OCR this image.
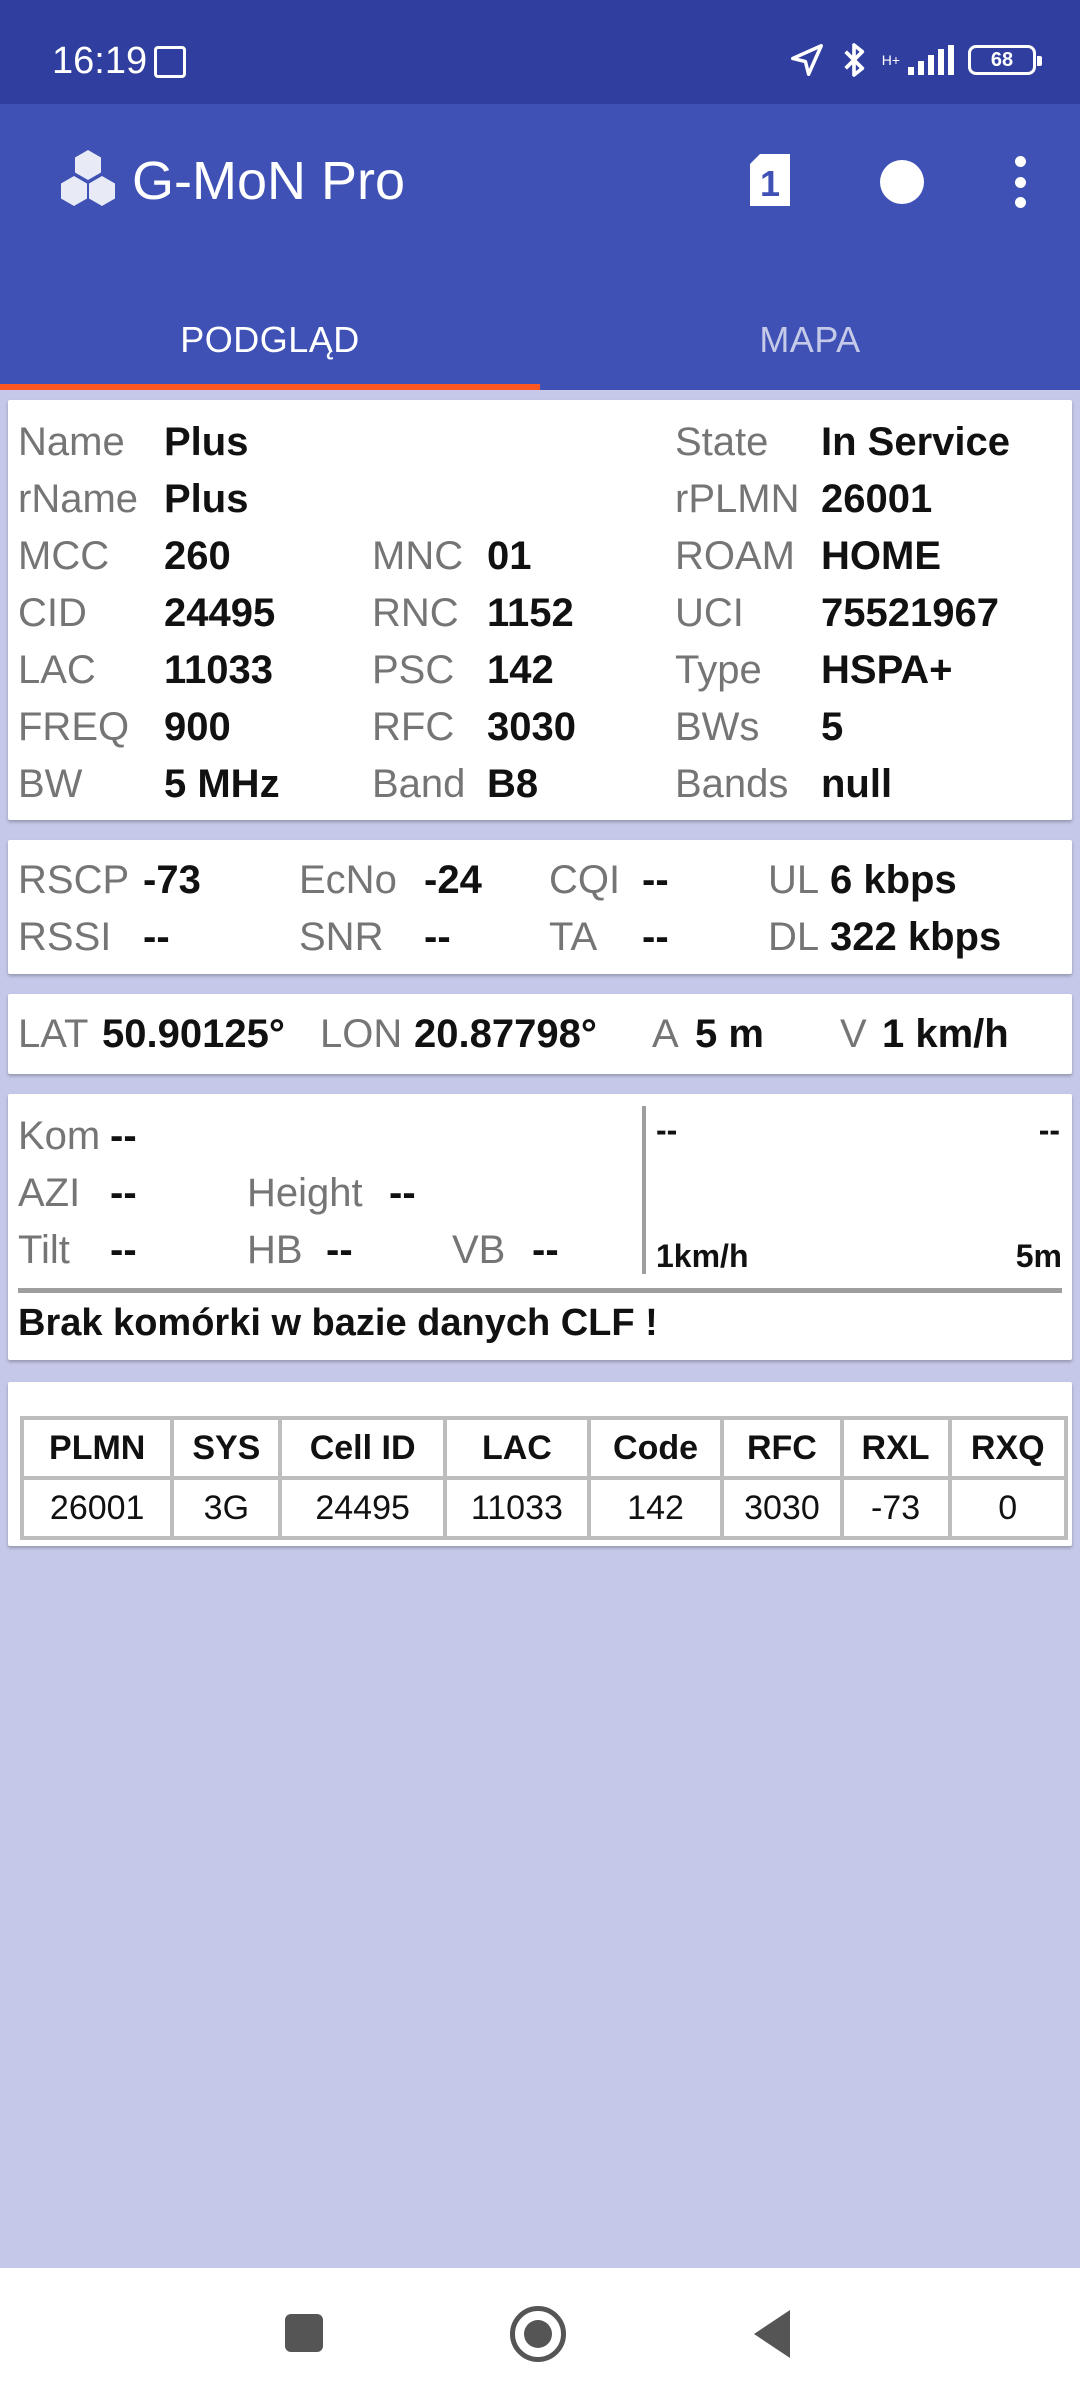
16:19	H+	68
G-MoN Pro	1
PODGLĄD	MAPA
Name Plus	State In Service
rName Plus	rPLMN 26001
MCC 260	MNC 01	ROAM HOME
CID 24495 RNC 1152	UCI 75521967
LAC 11033 PSC 142	Type HSPA+
FREQ 900	RFC 3030 BWs 5
BW 5 MHz Band B8	Bands null
RSCP -73 EcNo -24 CQI -- UL 6 kbps
RSSI --	SNR -- TA -- DL 322 kbps
LAT 50.90125° LON 20.87798° A 5 m V 1 km/h
Kom --
AZI --	Height --
Tilt --	HB -- VB --
--	--
1km/h	5m
Brak komórki w bazie danych CLF !
PLMN	SYS	Cell ID	LAC	Code	RFC	RXL	RXQ
26001	3G	24495	11033	142	3030	-73	0
